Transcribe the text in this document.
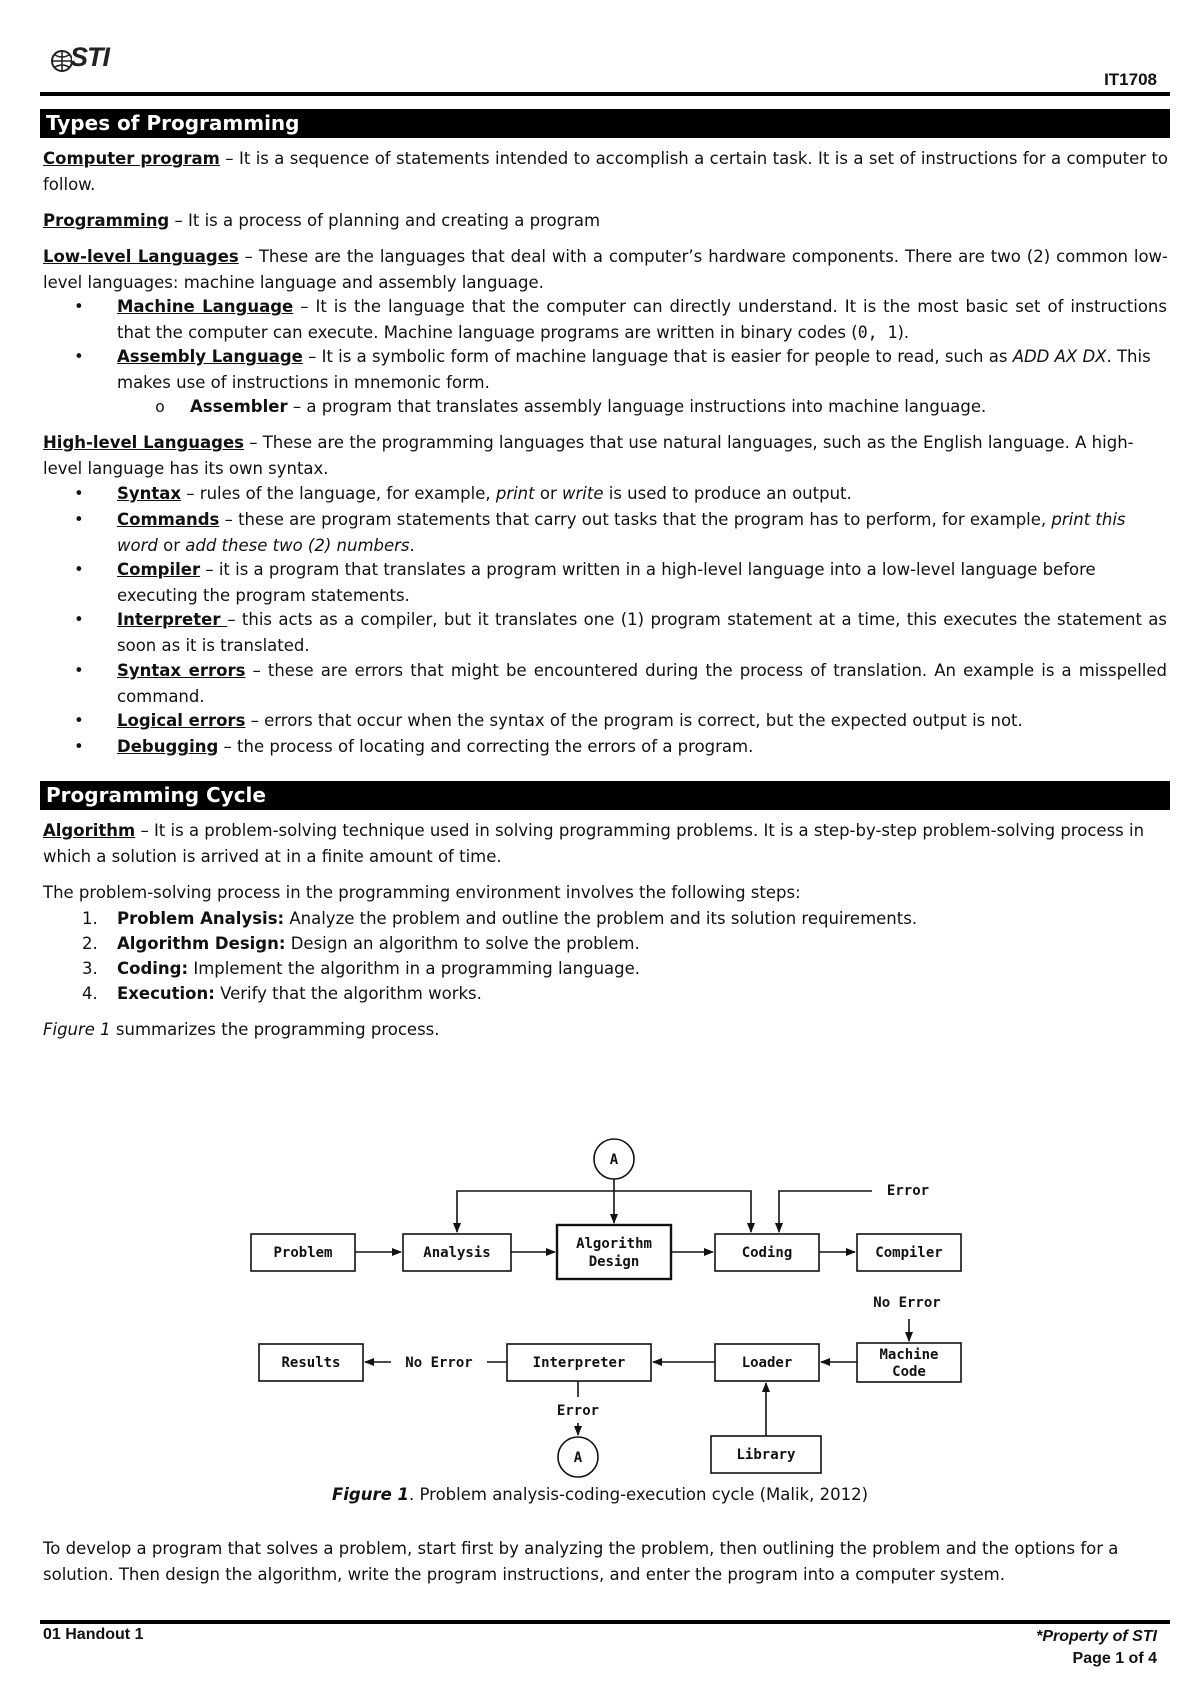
STI
IT1708
Types of Programming
Computer program – It is a sequence of statements intended to accomplish a certain task. It is a set of instructions for a computer to follow.
Programming – It is a process of planning and creating a program
Low-level Languages – These are the languages that deal with a computer’s hardware components. There are two (2) common low-level languages: machine language and assembly language.
• Machine Language – It is the language that the computer can directly understand. It is the most basic set of instructions that the computer can execute. Machine language programs are written in binary codes (0, 1).
• Assembly Language – It is a symbolic form of machine language that is easier for people to read, such as ADD AX DX. This makes use of instructions in mnemonic form.
o Assembler – a program that translates assembly language instructions into machine language.
High-level Languages – These are the programming languages that use natural languages, such as the English language. A high-level language has its own syntax.
• Syntax – rules of the language, for example, print or write is used to produce an output.
• Commands – these are program statements that carry out tasks that the program has to perform, for example, print this word or add these two (2) numbers.
• Compiler – it is a program that translates a program written in a high-level language into a low-level language before executing the program statements.
• Interpreter – this acts as a compiler, but it translates one (1) program statement at a time, this executes the statement as soon as it is translated.
• Syntax errors – these are errors that might be encountered during the process of translation. An example is a misspelled command.
• Logical errors – errors that occur when the syntax of the program is correct, but the expected output is not.
• Debugging – the process of locating and correcting the errors of a program.
Programming Cycle
Algorithm – It is a problem-solving technique used in solving programming problems. It is a step-by-step problem-solving process in which a solution is arrived at in a finite amount of time.
The problem-solving process in the programming environment involves the following steps:
1. Problem Analysis: Analyze the problem and outline the problem and its solution requirements.
2. Algorithm Design: Design an algorithm to solve the problem.
3. Coding: Implement the algorithm in a programming language.
4. Execution: Verify that the algorithm works.
Figure 1 summarizes the programming process.
Problem	Analysis
Algorithm
Design
Coding	Compiler
Machine
Code
Loader
Interpreter
Results
Library
A
A
Error
No Error
No Error
Error
Figure 1. Problem analysis-coding-execution cycle (Malik, 2012)
To develop a program that solves a problem, start first by analyzing the problem, then outlining the problem and the options for a solution. Then design the algorithm, write the program instructions, and enter the program into a computer system.
01 Handout 1	*Property of STI
Page 1 of 4
